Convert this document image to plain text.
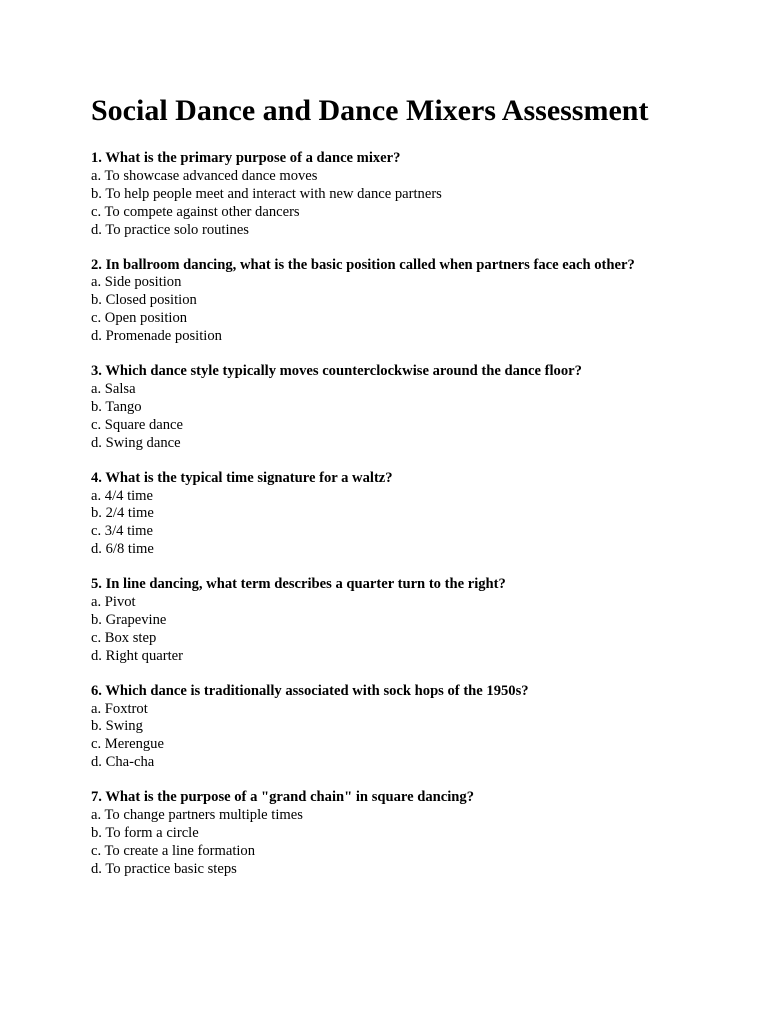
Social Dance and Dance Mixers Assessment
1. What is the primary purpose of a dance mixer?
a. To showcase advanced dance moves
b. To help people meet and interact with new dance partners
c. To compete against other dancers
d. To practice solo routines
2. In ballroom dancing, what is the basic position called when partners face each other?
a. Side position
b. Closed position
c. Open position
d. Promenade position
3. Which dance style typically moves counterclockwise around the dance floor?
a. Salsa
b. Tango
c. Square dance
d. Swing dance
4. What is the typical time signature for a waltz?
a. 4/4 time
b. 2/4 time
c. 3/4 time
d. 6/8 time
5. In line dancing, what term describes a quarter turn to the right?
a. Pivot
b. Grapevine
c. Box step
d. Right quarter
6. Which dance is traditionally associated with sock hops of the 1950s?
a. Foxtrot
b. Swing
c. Merengue
d. Cha-cha
7. What is the purpose of a "grand chain" in square dancing?
a. To change partners multiple times
b. To form a circle
c. To create a line formation
d. To practice basic steps
